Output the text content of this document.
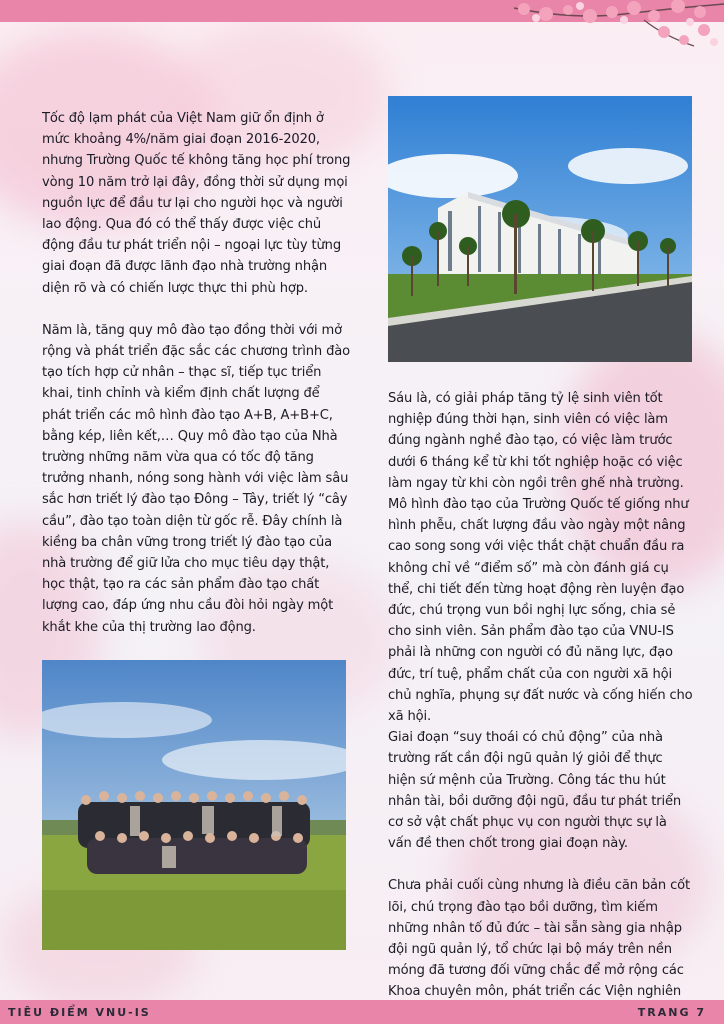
Tốc độ lạm phát của Việt Nam giữ ổn định ở mức khoảng 4%/năm giai đoạn 2016-2020, nhưng Trường Quốc tế không tăng học phí trong vòng 10 năm trở lại đây, đồng thời sử dụng mọi nguồn lực để đầu tư lại cho người học và người lao động. Qua đó có thể thấy được việc chủ động đầu tư phát triển nội – ngoại lực tùy từng giai đoạn đã được lãnh đạo nhà trường nhận diện rõ và có chiến lược thực thi phù hợp.

Năm là, tăng quy mô đào tạo đồng thời với mở rộng và phát triển đặc sắc các chương trình đào tạo tích hợp cử nhân – thạc sĩ, tiếp tục triển khai, tinh chỉnh và kiểm định chất lượng để phát triển các mô hình đào tạo A+B, A+B+C, bằng kép, liên kết,… Quy mô đào tạo của Nhà trường những năm vừa qua có tốc độ tăng trưởng nhanh, nóng song hành với việc làm sâu sắc hơn triết lý đào tạo Đông – Tây, triết lý “cây cầu”, đào tạo toàn diện từ gốc rễ. Đây chính là kiềng ba chân vững trong triết lý đào tạo của nhà trường để giữ lửa cho mục tiêu dạy thật, học thật, tạo ra các sản phẩm đào tạo chất lượng cao, đáp ứng nhu cầu đòi hỏi ngày một khắt khe của thị trường lao động.

Sáu là, có giải pháp tăng tỷ lệ sinh viên tốt nghiệp đúng thời hạn, sinh viên có việc làm đúng ngành nghề đào tạo, có việc làm trước dưới 6 tháng kể từ khi tốt nghiệp hoặc có việc làm ngay từ khi còn ngồi trên ghế nhà trường. Mô hình đào tạo của Trường Quốc tế giống như hình phễu, chất lượng đầu vào ngày một nâng cao song song với việc thắt chặt chuẩn đầu ra không chỉ về “điểm số” mà còn đánh giá cụ thể, chi tiết đến từng hoạt động rèn luyện đạo đức, chú trọng vun bồi nghị lực sống, chia sẻ cho sinh viên. Sản phẩm đào tạo của VNU-IS phải là những con người có đủ năng lực, đạo đức, trí tuệ, phẩm chất của con người xã hội chủ nghĩa, phụng sự đất nước và cống hiến cho xã hội.

Giai đoạn “suy thoái có chủ động” của nhà trường rất cần đội ngũ quản lý giỏi để thực hiện sứ mệnh của Trường. Công tác thu hút nhân tài, bồi dưỡng đội ngũ, đầu tư phát triển cơ sở vật chất phục vụ con người thực sự là vấn đề then chốt trong giai đoạn này.

Chưa phải cuối cùng nhưng là điều căn bản cốt lõi, chú trọng đào tạo bồi dưỡng, tìm kiếm những nhân tố đủ đức – tài sẵn sàng gia nhập đội ngũ quản lý, tổ chức lại bộ máy trên nền móng đã tương đối vững chắc để mở rộng các Khoa chuyên môn, phát triển các Viện nghiên

TIÊU ĐIỂM VNU-IS	TRANG 7
